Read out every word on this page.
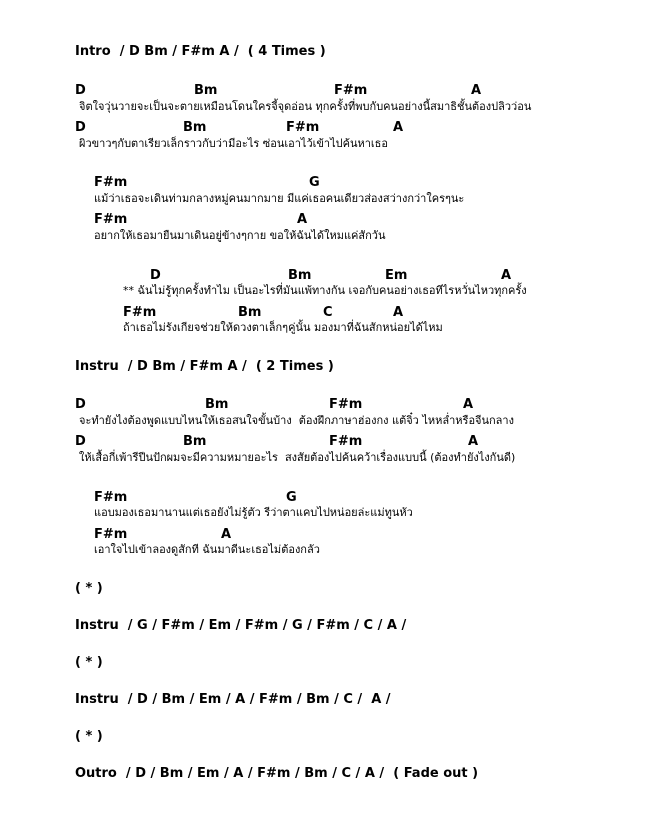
Intro  / D Bm / F#m A /  ( 4 Times )
D	Bm	F#m	A
จิตใจวุ่นวายจะเป็นจะตายเหมือนโดนใครจี้จุดอ่อน ทุกครั้งที่พบกับคนอย่างนี้สมาธิชั้นต้องปลิวว่อน
D	Bm	F#m	A
ผิวขาวๆกับตาเรียวเล็กราวกับว่ามีอะไร ซ่อนเอาไว้เข้าไปค้นหาเธอ
F#m	G
แม้ว่าเธอจะเดินท่ามกลางหมู่คนมากมาย มีแค่เธอคนเดียวส่องสว่างกว่าใครๆนะ
F#m	A
อยากให้เธอมายืนมาเดินอยู่ข้างๆกาย ขอให้ฉันได้ใหมแค่สักวัน
D	Bm	Em	A
** ฉันไม่รู้ทุกครั้งทำไม เป็นอะไรที่มันแพ้ทางกัน เจอกับคนอย่างเธอทีไรหวั่นไหวทุกครั้ง
F#m	Bm	C	A
ถ้าเธอไม่รังเกียจช่วยให้ดวงตาเล็กๆคู่นั้น มองมาที่ฉันสักหน่อยได้ไหม
Instru  / D Bm / F#m A /  ( 2 Times )
D	Bm	F#m	A
จะทำยังไงต้องพูดแบบไหนให้เธอสนใจขั้นบ้าง  ต้องฝึกภาษาฮ่องกง แต้จิ๋ว ไหหล่ำหรือจีนกลาง
D	Bm	F#m	A
ให้เสื้อกี่เพ้ารีปีนปักผมจะมีความหมายอะไร  สงสัยต้องไปค้นคว้าเรื่องแบบนี้ (ต้องทำยังไงกันดี)
F#m	G
แอบมองเธอมานานแต่เธอยังไม่รู้ตัว รีว่าตาแคบไปหน่อยล่ะแม่ทูนหัว
F#m	A
เอาใจไปเข้าลองดูสักที ฉันมาดีนะเธอไม่ต้องกลัว
( * )
Instru  / G / F#m / Em / F#m / G / F#m / C / A /
( * )
Instru  / D / Bm / Em / A / F#m / Bm / C /  A /
( * )
Outro  / D / Bm / Em / A / F#m / Bm / C / A /  ( Fade out )
